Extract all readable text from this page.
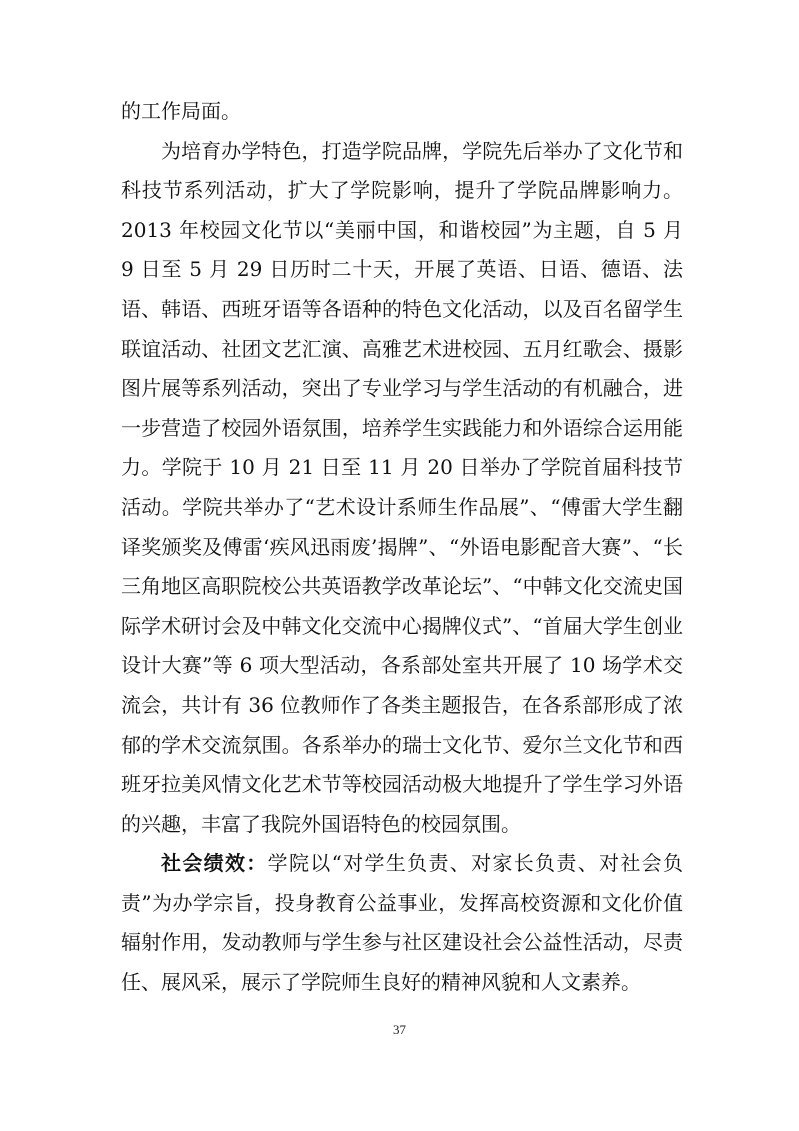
的工作局面。

为培育办学特色，打造学院品牌，学院先后举办了文化节和科技节系列活动，扩大了学院影响，提升了学院品牌影响力。2013 年校园文化节以“美丽中国，和谐校园”为主题，自 5 月 9 日至 5 月 29 日历时二十天，开展了英语、日语、德语、法语、韩语、西班牙语等各语种的特色文化活动，以及百名留学生联谊活动、社团文艺汇演、高雅艺术进校园、五月红歌会、摄影图片展等系列活动，突出了专业学习与学生活动的有机融合，进一步营造了校园外语氛围，培养学生实践能力和外语综合运用能力。学院于 10 月 21 日至 11 月 20 日举办了学院首届科技节活动。学院共举办了“艺术设计系师生作品展”、“傅雷大学生翻译奖颁奖及傅雷‘疾风迅雨废’揭牌”、“外语电影配音大赛”、“长三角地区高职院校公共英语教学改革论坛”、“中韩文化交流史国际学术研讨会及中韩文化交流中心揭牌仪式”、“首届大学生创业设计大赛”等 6 项大型活动，各系部处室共开展了 10 场学术交流会，共计有 36 位教师作了各类主题报告，在各系部形成了浓郁的学术交流氛围。各系举办的瑞士文化节、爱尔兰文化节和西班牙拉美风情文化艺术节等校园活动极大地提升了学生学习外语的兴趣，丰富了我院外国语特色的校园氛围。

社会绩效：学院以“对学生负责、对家长负责、对社会负责”为办学宗旨，投身教育公益事业，发挥高校资源和文化价值辐射作用，发动教师与学生参与社区建设社会公益性活动，尽责任、展风采，展示了学院师生良好的精神风貌和人文素养。

37
